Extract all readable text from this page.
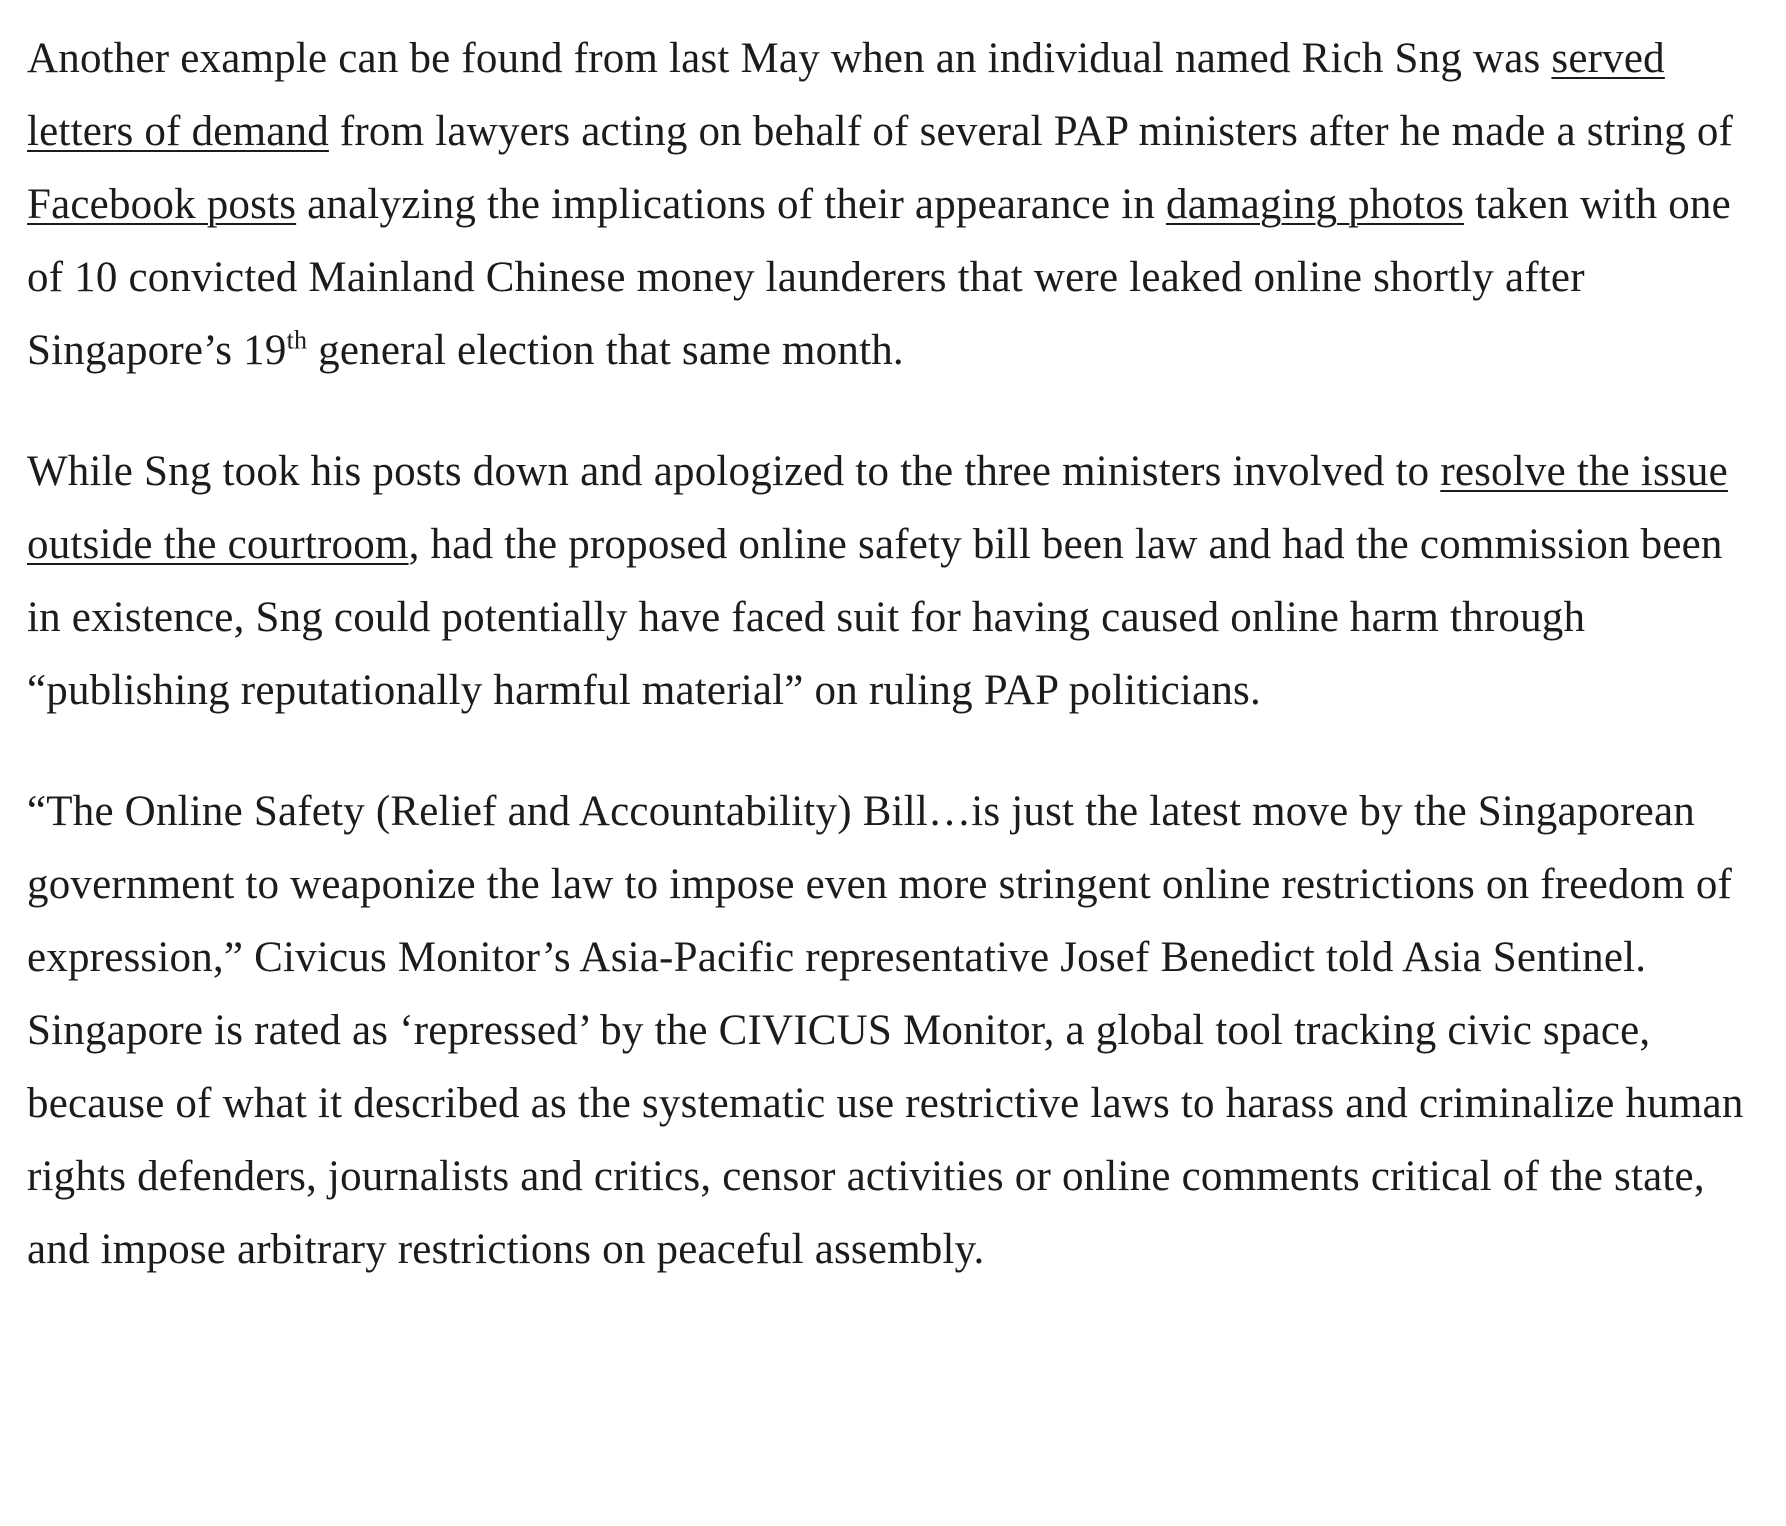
Another example can be found from last May when an individual named Rich Sng was served letters of demand from lawyers acting on behalf of several PAP ministers after he made a string of Facebook posts analyzing the implications of their appearance in damaging photos taken with one of 10 convicted Mainland Chinese money launderers that were leaked online shortly after Singapore’s 19th general election that same month.

While Sng took his posts down and apologized to the three ministers involved to resolve the issue outside the courtroom, had the proposed online safety bill been law and had the commission been in existence, Sng could potentially have faced suit for having caused online harm through “publishing reputationally harmful material” on ruling PAP politicians.

“The Online Safety (Relief and Accountability) Bill…is just the latest move by the Singaporean government to weaponize the law to impose even more stringent online restrictions on freedom of expression,” Civicus Monitor’s Asia-Pacific representative Josef Benedict told Asia Sentinel. Singapore is rated as ‘repressed’ by the CIVICUS Monitor, a global tool tracking civic space, because of what it described as the systematic use restrictive laws to harass and criminalize human rights defenders, journalists and critics, censor activities or online comments critical of the state, and impose arbitrary restrictions on peaceful assembly.
